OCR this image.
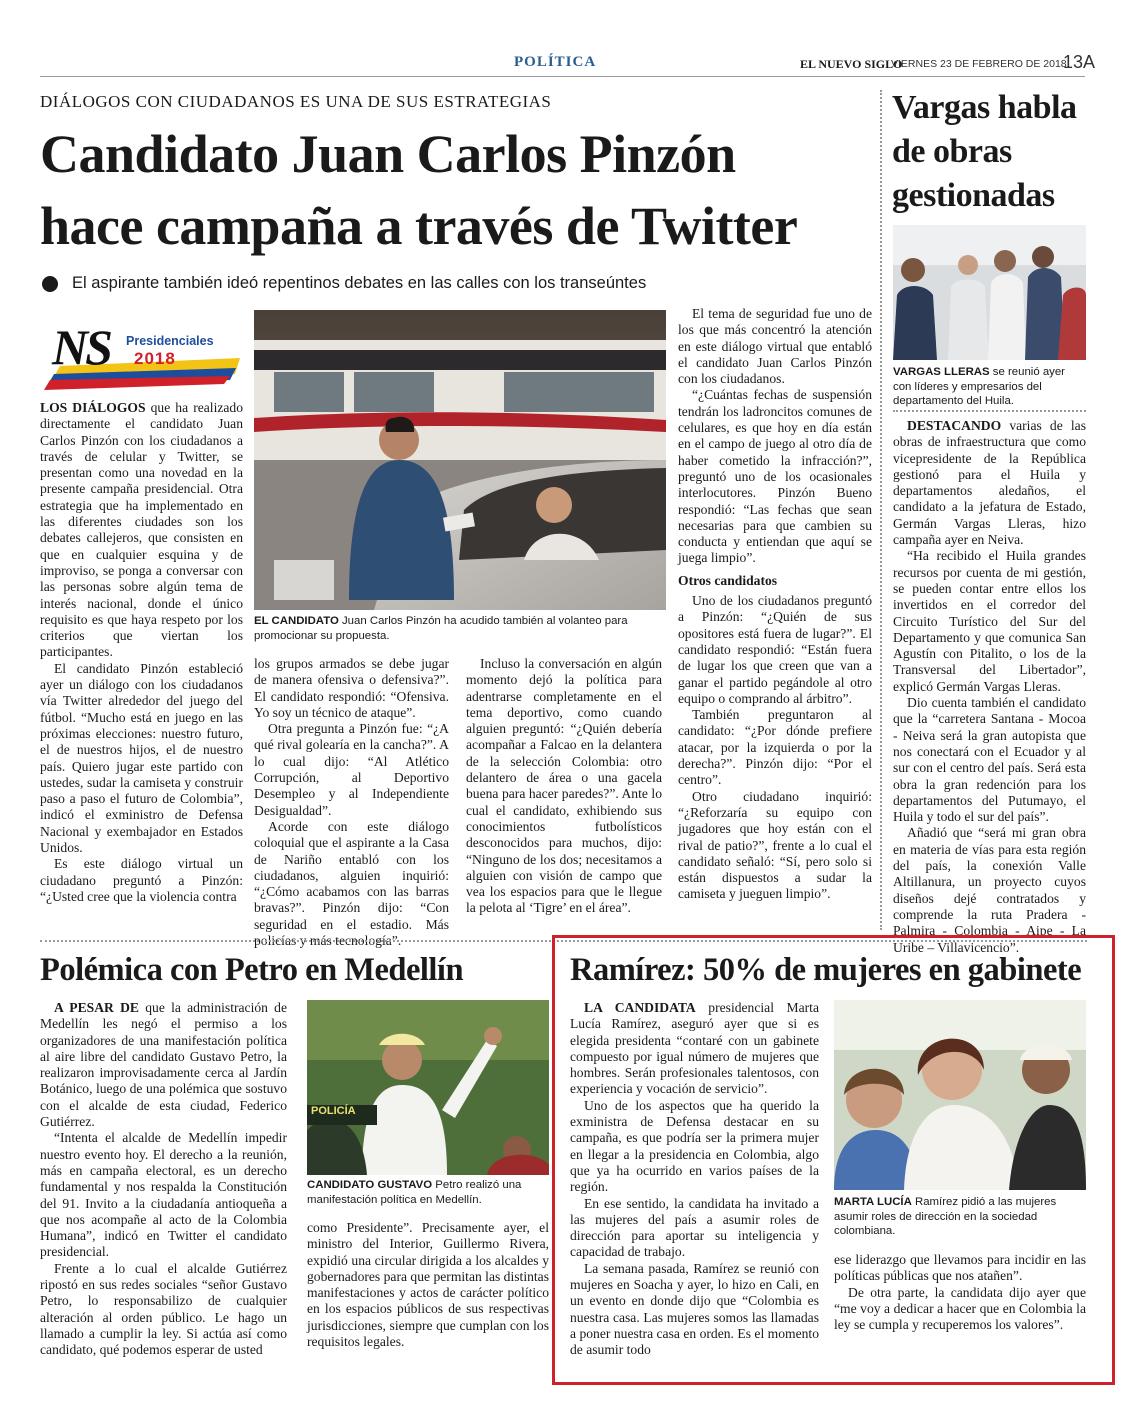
POLÍTICA	EL NUEVO SIGLO
VIERNES 23 DE FEBRERO DE 2018
13A
DIÁLOGOS CON CIUDADANOS ES UNA DE SUS ESTRATEGIAS
Candidato Juan Carlos Pinzón
hace campaña a través de Twitter
El aspirante también ideó repentinos debates en las calles con los transeúntes
NS Presidenciales
2018

LOS DIÁLOGOS que ha realizado directamente el candidato Juan Carlos Pinzón con los ciudadanos a través de celular y Twitter, se presentan como una novedad en la presente campaña presidencial. Otra estrategia que ha implementado en las diferentes ciudades son los debates callejeros, que consisten en que en cualquier esquina y de improviso, se ponga a conversar con las personas sobre algún tema de interés nacional, donde el único requisito es que haya respeto por los criterios que viertan los participantes.

El candidato Pinzón estableció ayer un diálogo con los ciudadanos vía Twitter alrededor del juego del fútbol. “Mucho está en juego en las próximas elecciones: nuestro futuro, el de nuestros hijos, el de nuestro país. Quiero jugar este partido con ustedes, sudar la camiseta y construir paso a paso el futuro de Colombia”, indicó el exministro de Defensa Nacional y exembajador en Estados Unidos.

Es este diálogo virtual un ciudadano preguntó a Pinzón: “¿Usted cree que la violencia contra

EL CANDIDATO Juan Carlos Pinzón ha acudido también al volanteo para promocionar su propuesta.

los grupos armados se debe jugar de manera ofensiva o defensiva?”. El candidato respondió: “Ofensiva. Yo soy un técnico de ataque”.

Otra pregunta a Pinzón fue: “¿A qué rival golearía en la cancha?”. A lo cual dijo: “Al Atlético Corrupción, al Deportivo Desempleo y al Independiente Desigualdad”.

Acorde con este diálogo coloquial que el aspirante a la Casa de Nariño entabló con los ciudadanos, alguien inquirió: “¿Cómo acabamos con las barras bravas?”. Pinzón dijo: “Con seguridad en el estadio. Más policías y más tecnología”.

Incluso la conversación en algún momento dejó la política para adentrarse completamente en el tema deportivo, como cuando alguien preguntó: “¿Quién debería acompañar a Falcao en la delantera de la selección Colombia: otro delantero de área o una gacela buena para hacer paredes?”. Ante lo cual el candidato, exhibiendo sus conocimientos futbolísticos desconocidos para muchos, dijo: “Ninguno de los dos; necesitamos a alguien con visión de campo que vea los espacios para que le llegue la pelota al ‘Tigre’ en el área”.

El tema de seguridad fue uno de los que más concentró la atención en este diálogo virtual que entabló el candidato Juan Carlos Pinzón con los ciudadanos.

“¿Cuántas fechas de suspensión tendrán los ladroncitos comunes de celulares, es que hoy en día están en el campo de juego al otro día de haber cometido la infracción?”, preguntó uno de los ocasionales interlocutores. Pinzón Bueno respondió: “Las fechas que sean necesarias para que cambien su conducta y entiendan que aquí se juega limpio”.

Otros candidatos

Uno de los ciudadanos preguntó a Pinzón: “¿Quién de sus opositores está fuera de lugar?”. El candidato respondió: “Están fuera de lugar los que creen que van a ganar el partido pegándole al otro equipo o comprando al árbitro”.

También preguntaron al candidato: “¿Por dónde prefiere atacar, por la izquierda o por la derecha?”. Pinzón dijo: “Por el centro”.

Otro ciudadano inquirió: “¿Reforzaría su equipo con jugadores que hoy están con el rival de patio?”, frente a lo cual el candidato señaló: “Sí, pero solo si están dispuestos a sudar la camiseta y jueguen limpio”.

Vargas habla
de obras
gestionadas
VARGAS LLERAS se reunió ayer con líderes y empresarios del departamento del Huila.

DESTACANDO varias de las obras de infraestructura que como vicepresidente de la República gestionó para el Huila y departamentos aledaños, el candidato a la jefatura de Estado, Germán Vargas Lleras, hizo campaña ayer en Neiva.

“Ha recibido el Huila grandes recursos por cuenta de mi gestión, se pueden contar entre ellos los invertidos en el corredor del Circuito Turístico del Sur del Departamento y que comunica San Agustín con Pitalito, o los de la Transversal del Libertador”, explicó Germán Vargas Lleras.

Dio cuenta también el candidato que la “carretera Santana - Mocoa - Neiva será la gran autopista que nos conectará con el Ecuador y al sur con el centro del país. Será esta obra la gran redención para los departamentos del Putumayo, el Huila y todo el sur del país”.

Añadió que “será mi gran obra en materia de vías para esta región del país, la conexión Valle Altillanura, un proyecto cuyos diseños dejé contratados y comprende la ruta Pradera - Palmira - Colombia - Aipe - La Uribe – Villavicencio”.

Polémica con Petro en Medellín

A PESAR DE que la administración de Medellín les negó el permiso a los organizadores de una manifestación política al aire libre del candidato Gustavo Petro, la realizaron improvisadamente cerca al Jardín Botánico, luego de una polémica que sostuvo con el alcalde de esta ciudad, Federico Gutiérrez.

“Intenta el alcalde de Medellín impedir nuestro evento hoy. El derecho a la reunión, más en campaña electoral, es un derecho fundamental y nos respalda la Constitución del 91. Invito a la ciudadanía antioqueña a que nos acompañe al acto de la Colombia Humana”, indicó en Twitter el candidato presidencial.

Frente a lo cual el alcalde Gutiérrez ripostó en sus redes sociales “señor Gustavo Petro, lo responsabilizo de cualquier alteración al orden público. Le hago un llamado a cumplir la ley. Si actúa así como candidato, qué podemos esperar de usted

POLICÍA
CANDIDATO GUSTAVO Petro realizó una manifestación política en Medellín.

como Presidente”. Precisamente ayer, el ministro del Interior, Guillermo Rivera, expidió una circular dirigida a los alcaldes y gobernadores para que permitan las distintas manifestaciones y actos de carácter político en los espacios públicos de sus respectivas jurisdicciones, siempre que cumplan con los requisitos legales.

Ramírez: 50% de mujeres en gabinete

LA CANDIDATA presidencial Marta Lucía Ramírez, aseguró ayer que si es elegida presidenta “contaré con un gabinete compuesto por igual número de mujeres que hombres. Serán profesionales talentosos, con experiencia y vocación de servicio”.

Uno de los aspectos que ha querido la exministra de Defensa destacar en su campaña, es que podría ser la primera mujer en llegar a la presidencia en Colombia, algo que ya ha ocurrido en varios países de la región.

En ese sentido, la candidata ha invitado a las mujeres del país a asumir roles de dirección para aportar su inteligencia y capacidad de trabajo.

La semana pasada, Ramírez se reunió con mujeres en Soacha y ayer, lo hizo en Cali, en un evento en donde dijo que “Colombia es nuestra casa. Las mujeres somos las llamadas a poner nuestra casa en orden. Es el momento de asumir todo

MARTA LUCÍA Ramírez pidió a las mujeres asumir roles de dirección en la sociedad colombiana.

ese liderazgo que llevamos para incidir en las políticas públicas que nos atañen”.

De otra parte, la candidata dijo ayer que “me voy a dedicar a hacer que en Colombia la ley se cumpla y recuperemos los valores”.
